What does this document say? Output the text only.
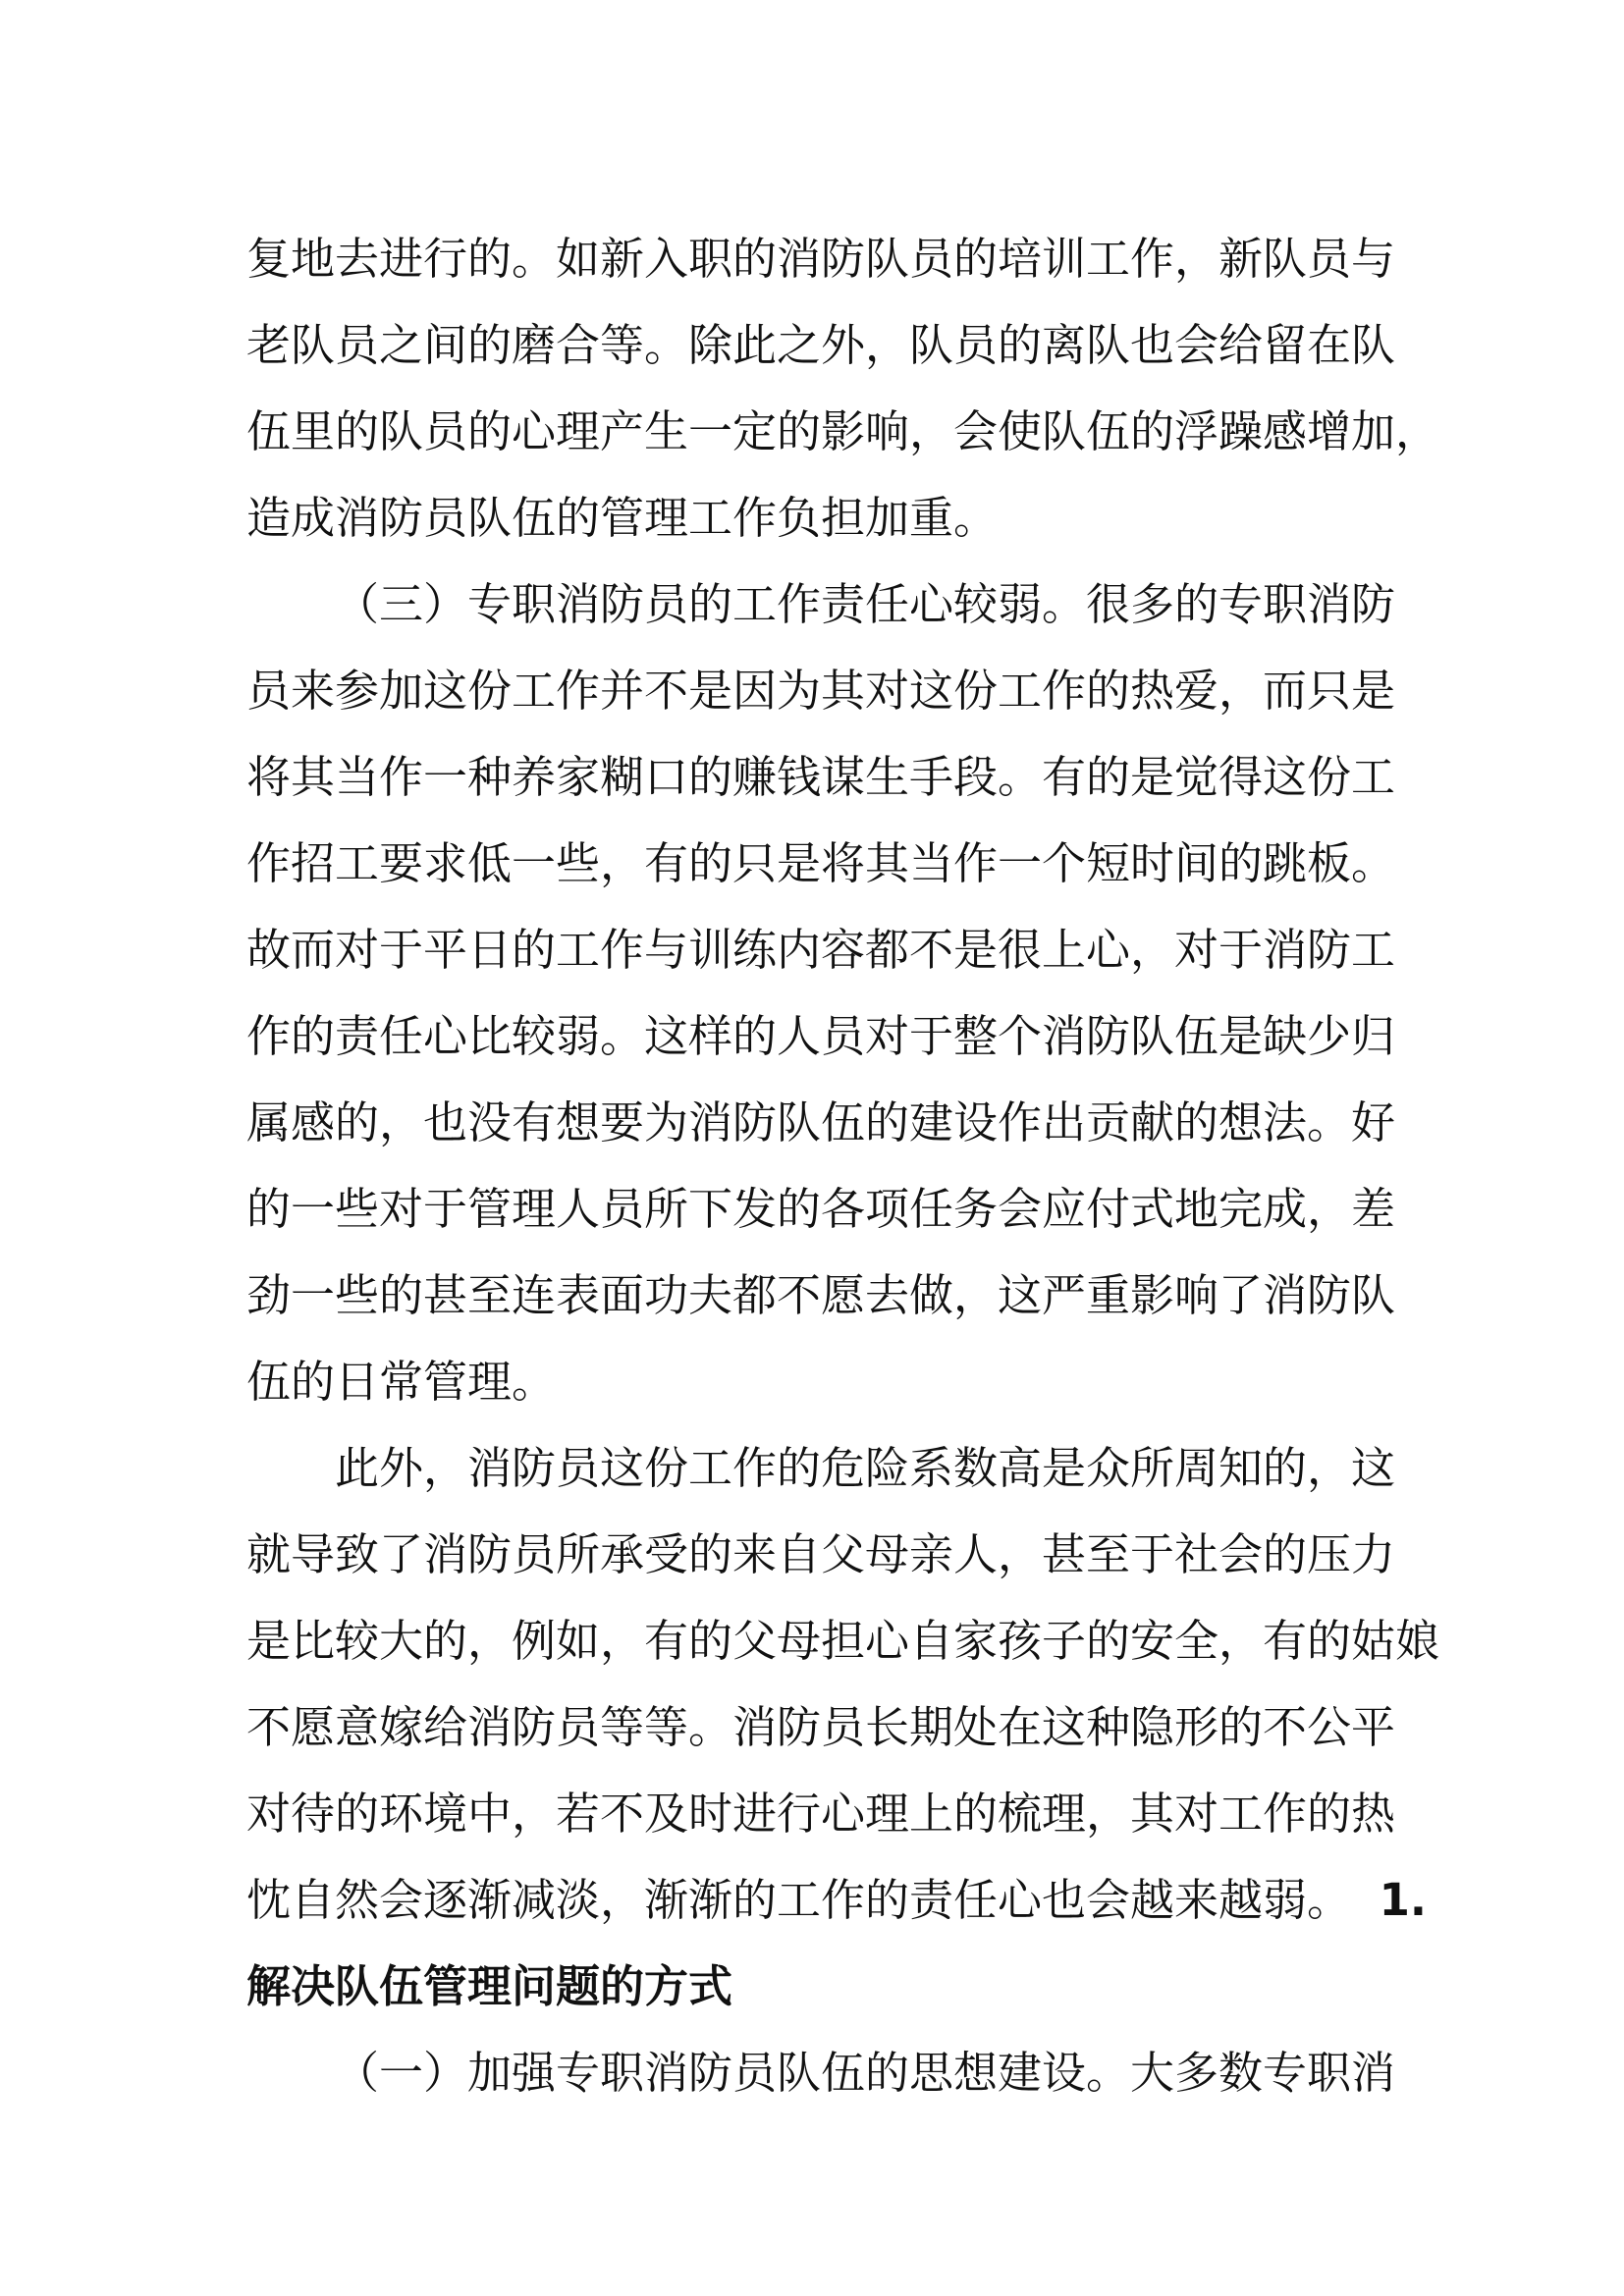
复地去进行的。如新入职的消防队员的培训工作，新队员与
老队员之间的磨合等。除此之外，队员的离队也会给留在队
伍里的队员的心理产生一定的影响，会使队伍的浮躁感增加，
造成消防员队伍的管理工作负担加重。
（三）专职消防员的工作责任心较弱。很多的专职消防
员来参加这份工作并不是因为其对这份工作的热爱，而只是
将其当作一种养家糊口的赚钱谋生手段。有的是觉得这份工
作招工要求低一些，有的只是将其当作一个短时间的跳板。
故而对于平日的工作与训练内容都不是很上心，对于消防工
作的责任心比较弱。这样的人员对于整个消防队伍是缺少归
属感的，也没有想要为消防队伍的建设作出贡献的想法。好
的一些对于管理人员所下发的各项任务会应付式地完成，差
劲一些的甚至连表面功夫都不愿去做，这严重影响了消防队
伍的日常管理。
此外，消防员这份工作的危险系数高是众所周知的，这
就导致了消防员所承受的来自父母亲人，甚至于社会的压力
是比较大的，例如，有的父母担心自家孩子的安全，有的姑娘
不愿意嫁给消防员等等。消防员长期处在这种隐形的不公平
对待的环境中，若不及时进行心理上的梳理，其对工作的热
忱自然会逐渐减淡，渐渐的工作的责任心也会越来越弱。 1.
解决队伍管理问题的方式
（一）加强专职消防员队伍的思想建设。大多数专职消
